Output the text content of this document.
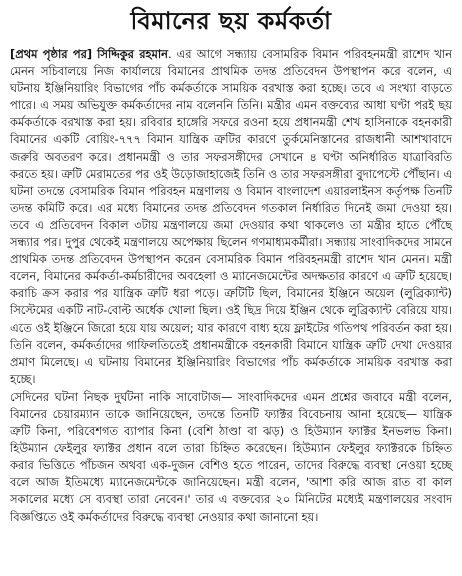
বিমানের ছয় কর্মকর্তা

[প্রথম পৃষ্ঠার পর] সিদ্দিকুর রহমান. এর আগে সন্ধ্যায় বেসামরিক বিমান পরিবহনমন্ত্রী রাশেদ খান মেনন সচিবালয়ে নিজ কার্যালয়ে বিমানের প্রাথমিক তদন্ত প্রতিবেদন উপস্থাপন করে বলেন, এ ঘটনায় ইঞ্জিনিয়ারিং বিভাগের পাঁচ কর্মকর্তাকে সাময়িক বরখাস্ত করা হচ্ছে। তবে এ সংখ্যা বাড়তে পারে। এ সময় অভিযুক্ত কর্মকর্তাদের নাম বলেননি তিনি। মন্ত্রীর এমন বক্তব্যের আধা ঘণ্টা পরই ছয় কর্মকর্তাকে বরখাস্ত করা হয়। রবিবার হাঙ্গেরি সফরে রওনা হয়ে প্রধানমন্ত্রী শেখ হাসিনাকে বহনকারী বিমানের একটি বোয়িং-৭৭৭ বিমান যান্ত্রিক ত্রুটির কারণে তুর্কমেনিস্তানের রাজধানী আশখাবাদে জরুরি অবতরণ করে। প্রধানমন্ত্রী ও তার সফরসঙ্গীদের সেখানে ৪ ঘণ্টা অনির্ধারিত যাত্রাবিরতি করতে হয়। ত্রুটি মেরামতের পর ওই উড়োজাহাজেই তিনি ও তার সফরসঙ্গীরা বুদাপেস্টে পৌঁছান। এ ঘটনা তদন্তে বেসামরিক বিমান পরিবহন মন্ত্রণালয় ও বিমান বাংলাদেশ এয়ারলাইনস কর্তৃপক্ষ তিনটি তদন্ত কমিটি করে। এর মধ্যে বিমানের তদন্ত প্রতিবেদন গতকাল নির্ধারিত দিনেই জমা দেওয়া হয়। তবে এ প্রতিবেদন বিকাল ৩টায় মন্ত্রণালয়ে জমা দেওয়ার কথা থাকলেও তা মন্ত্রীর হাতে পৌঁছে সন্ধ্যার পর। দুপুর থেকেই মন্ত্রণালয়ে অপেক্ষায় ছিলেন গণমাধ্যমকর্মীরা। সন্ধ্যায় সাংবাদিকদের সামনে প্রাথমিক তদন্ত প্রতিবেদন উপস্থাপন করেন বেসামরিক বিমান পরিবহনমন্ত্রী রাশেদ খান মেনন। মন্ত্রী বলেন, বিমানের কর্মকর্তা-কর্মচারীদের অবহেলা ও ম্যানেজমেন্টের অদক্ষতার কারণে এ ত্রুটি হয়েছে। করাচি ক্রস করার পর যান্ত্রিক ত্রুটি ধরা পড়ে। ত্রুটিটি ছিল, বিমানের ইঞ্জিনে অয়েল (লুব্রিক্যান্ট) সিস্টেমের একটি নাট-বোল্ট অর্ধেক খোলা ছিল। ওই ছিদ্র দিয়ে ইঞ্জিন থেকে লুব্রিক্যান্ট বেরিয়ে যায়। এতে ওই ইঞ্জিনে জিরো হয়ে যায় অয়েল; যার কারণে বাধ্য হয়ে ফ্লাইটের গতিপথ পরিবর্তন করা হয়। তিনি বলেন, কর্মকর্তাদের গাফিলতিতেই প্রধানমন্ত্রীকে বহনকারী বিমানে যান্ত্রিক ত্রুটি দেখা দেওয়ার প্রমাণ মিলেছে। এ ঘটনায় বিমানের ইঞ্জিনিয়ারিং বিভাগের পাঁচ কর্মকর্তাকে সাময়িক বরখাস্ত করা হচ্ছে।

সেদিনের ঘটনা নিছক দুর্ঘটনা নাকি সাবোটাজ— সাংবাদিকদের এমন প্রশ্নের জবাবে মন্ত্রী বলেন, বিমানের চেয়ারম্যান তাকে জানিয়েছেন, তদন্তে তিনটি ফ্যাক্টর বিবেচনায় আনা হয়েছে— যান্ত্রিক ত্রুটি কিনা, পরিবেশগত ব্যাপার কিনা (বেশি ঠাণ্ডা বা ঝড়) ও হিউম্যান ফ্যাক্টর ইনভলভ কিনা। হিউম্যান ফেইলুর ফ্যাক্টর প্রধান বলে তারা চিহ্নিত করেছেন। হিউম্যান ফেইলুর ফ্যাক্টরকে চিহ্নিত করার ভিত্তিতে পাঁচজন অথবা এক-দুজন বেশিও হতে পারেন, তাদের বিরুদ্ধে ব্যবস্থা নেওয়া হচ্ছে বলে আজ ইতিমধ্যে ম্যানেজমেন্টকে জানিয়েছেন। মন্ত্রী বলেন, 'আশা করি আজ রাত বা কাল সকালের মধ্যে সে ব্যবস্থা তারা নেবেন।' তার এ বক্তব্যের ২০ মিনিটের মধ্যেই মন্ত্রণালয়ের সংবাদ বিজ্ঞপ্তিতে ওই কর্মকর্তাদের বিরুদ্ধে ব্যবস্থা নেওয়ার কথা জানানো হয়।
